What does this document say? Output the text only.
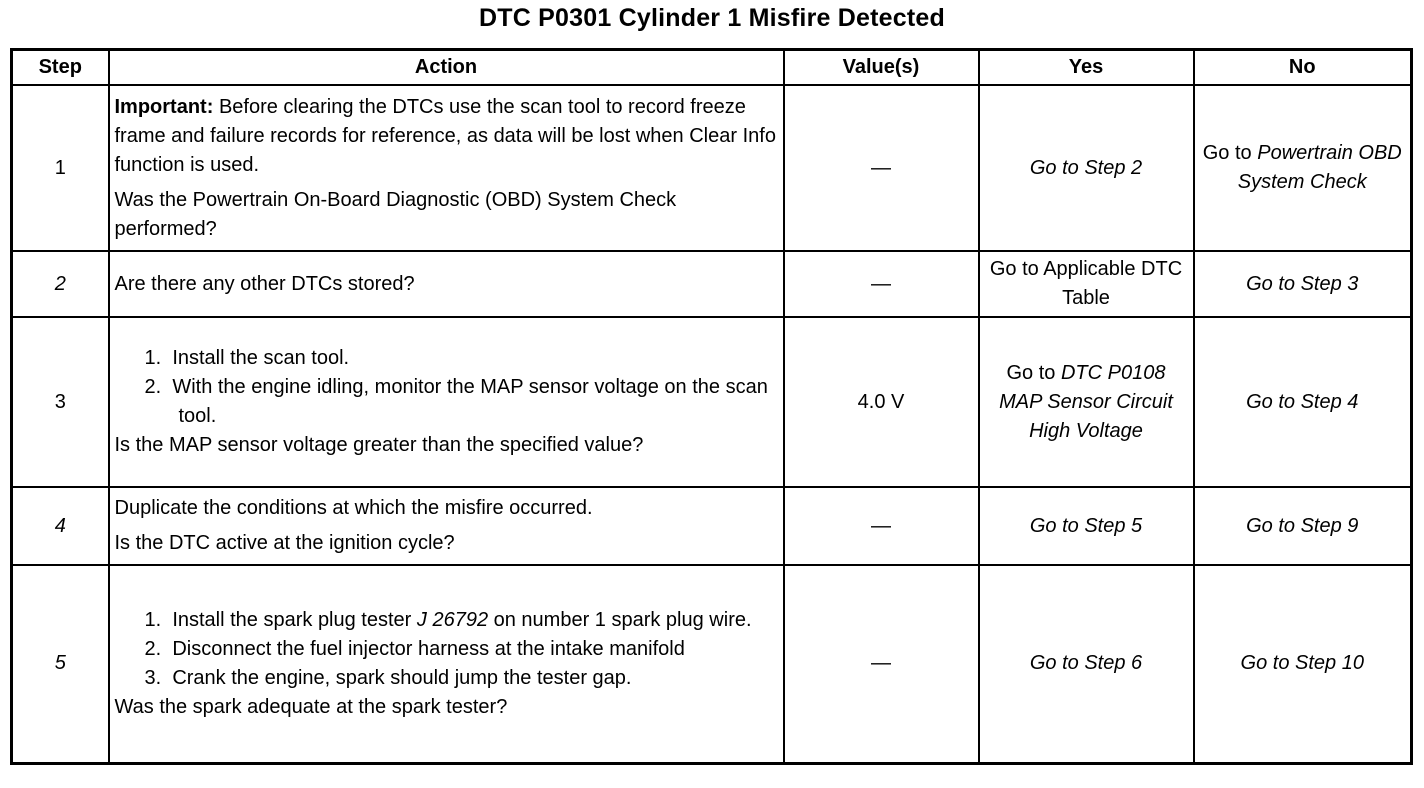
DTC P0301 Cylinder 1 Misfire Detected
Step	Action	Value(s)	Yes	No
1	Important: Before clearing the DTCs use the scan tool to record freeze frame and failure records for reference, as data will be lost when Clear Info function is used.

Was the Powertrain On-Board Diagnostic (OBD) System Check performed?	—	Go to Step 2	Go to Powertrain OBD System Check
2	Are there any other DTCs stored?	—	Go to Applicable DTC Table	Go to Step 3
3	1. Install the scan tool.

2. With the engine idling, monitor the MAP sensor voltage on the scan tool.

Is the MAP sensor voltage greater than the specified value?	4.0 V	Go to DTC P0108 MAP Sensor Circuit High Voltage	Go to Step 4
4	Duplicate the conditions at which the misfire occurred.

Is the DTC active at the ignition cycle?	—	Go to Step 5	Go to Step 9
5	1. Install the spark plug tester J 26792 on number 1 spark plug wire.

2. Disconnect the fuel injector harness at the intake manifold

3. Crank the engine, spark should jump the tester gap.

Was the spark adequate at the spark tester?	—	Go to Step 6	Go to Step 10
